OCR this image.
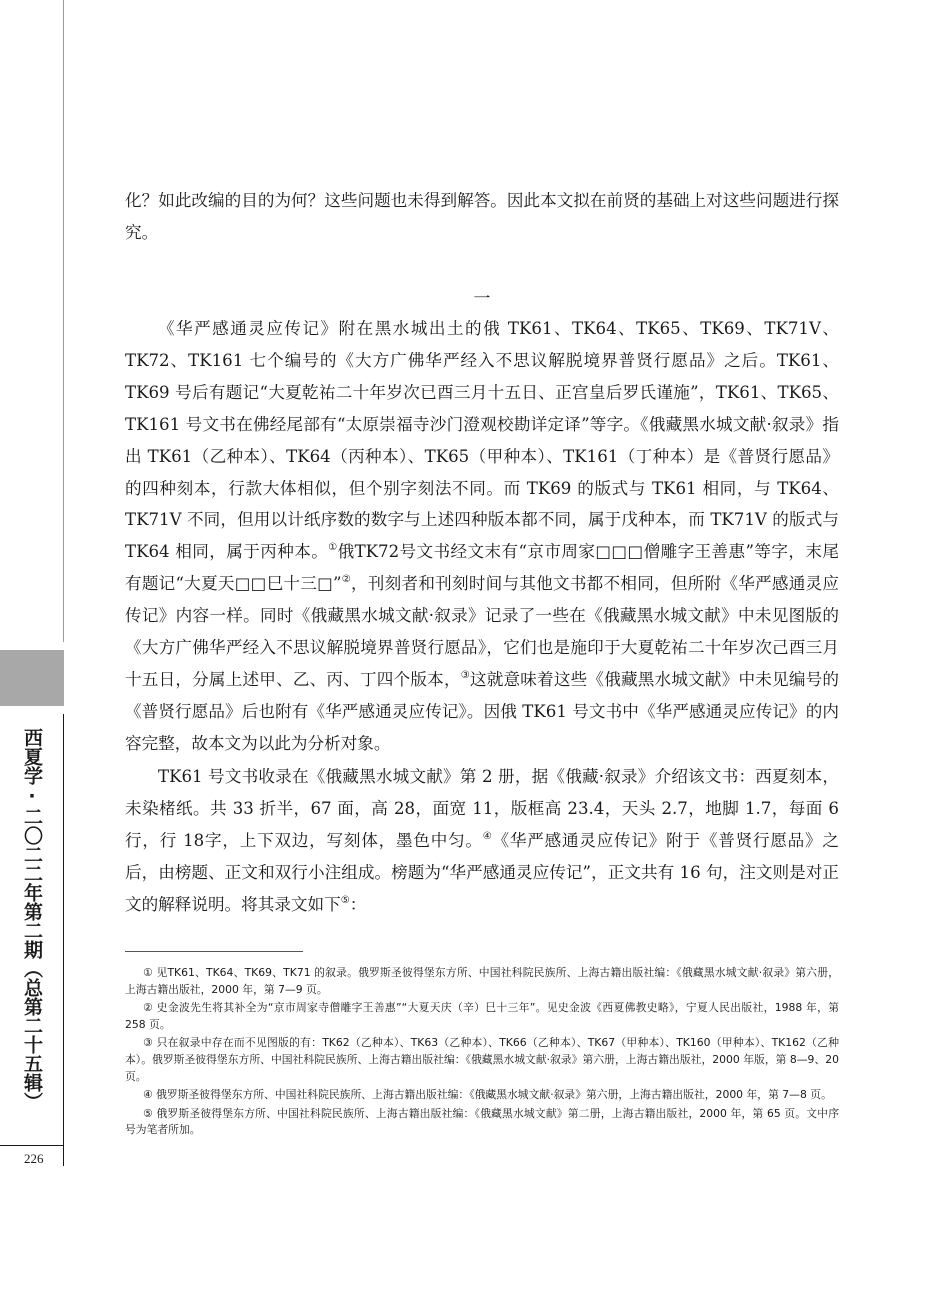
西夏学·二〇二二年第二期（总第二十五辑）
226

化？如此改编的目的为何？这些问题也未得到解答。因此本文拟在前贤的基础上对这些问题进行探究。

一

《华严感通灵应传记》附在黑水城出土的俄 TK61、TK64、TK65、TK69、TK71V、TK72、TK161 七个编号的《大方广佛华严经入不思议解脱境界普贤行愿品》之后。TK61、TK69 号后有题记“大夏乾祐二十年岁次已酉三月十五日、正宫皇后罗氏谨施”，TK61、TK65、TK161 号文书在佛经尾部有“太原崇福寺沙门澄观校勘详定译”等字。《俄藏黑水城文献·叙录》指出 TK61（乙种本）、TK64（丙种本）、TK65（甲种本）、TK161（丁种本）是《普贤行愿品》的四种刻本，行款大体相似，但个别字刻法不同。而 TK69 的版式与 TK61 相同，与 TK64、TK71V 不同，但用以计纸序数的数字与上述四种版本都不同，属于戊种本，而 TK71V 的版式与 TK64 相同，属于丙种本。①俄TK72号文书经文末有“京市周家□□□僧雕字王善惠”等字，末尾有题记“大夏天□□巳十三□”②，刊刻者和刊刻时间与其他文书都不相同，但所附《华严感通灵应传记》内容一样。同时《俄藏黑水城文献·叙录》记录了一些在《俄藏黑水城文献》中未见图版的《大方广佛华严经入不思议解脱境界普贤行愿品》，它们也是施印于大夏乾祐二十年岁次己酉三月十五日，分属上述甲、乙、丙、丁四个版本，③这就意味着这些《俄藏黑水城文献》中未见编号的《普贤行愿品》后也附有《华严感通灵应传记》。因俄 TK61 号文书中《华严感通灵应传记》的内容完整，故本文为以此为分析对象。

TK61 号文书收录在《俄藏黑水城文献》第 2 册，据《俄藏·叙录》介绍该文书：西夏刻本，未染楮纸。共 33 折半，67 面，高 28，面宽 11，版框高 23.4，天头 2.7，地脚 1.7，每面 6 行，行 18字，上下双边，写刻体，墨色中匀。④《华严感通灵应传记》附于《普贤行愿品》之后，由榜题、正文和双行小注组成。榜题为“华严感通灵应传记”，正文共有 16 句，注文则是对正文的解释说明。将其录文如下⑤：

① 见TK61、TK64、TK69、TK71 的叙录。俄罗斯圣彼得堡东方所、中国社科院民族所、上海古籍出版社编：《俄藏黑水城文献·叙录》第六册，上海古籍出版社，2000 年，第 7—9 页。

② 史金波先生将其补全为“京市周家寺僧雕字王善惠”“大夏天庆（辛）巳十三年”。见史金波《西夏佛教史略》，宁夏人民出版社，1988 年，第 258 页。

③ 只在叙录中存在而不见图版的有：TK62（乙种本）、TK63（乙种本）、TK66（乙种本）、TK67（甲种本）、TK160（甲种本）、TK162（乙种本）。俄罗斯圣彼得堡东方所、中国社科院民族所、上海古籍出版社编：《俄藏黑水城文献·叙录》第六册，上海古籍出版社，2000 年版，第 8—9、20 页。

④ 俄罗斯圣彼得堡东方所、中国社科院民族所、上海古籍出版社编：《俄藏黑水城文献·叙录》第六册，上海古籍出版社，2000 年，第 7—8 页。

⑤ 俄罗斯圣彼得堡东方所、中国社科院民族所、上海古籍出版社编：《俄藏黑水城文献》第二册，上海古籍出版社，2000 年，第 65 页。文中序号为笔者所加。
